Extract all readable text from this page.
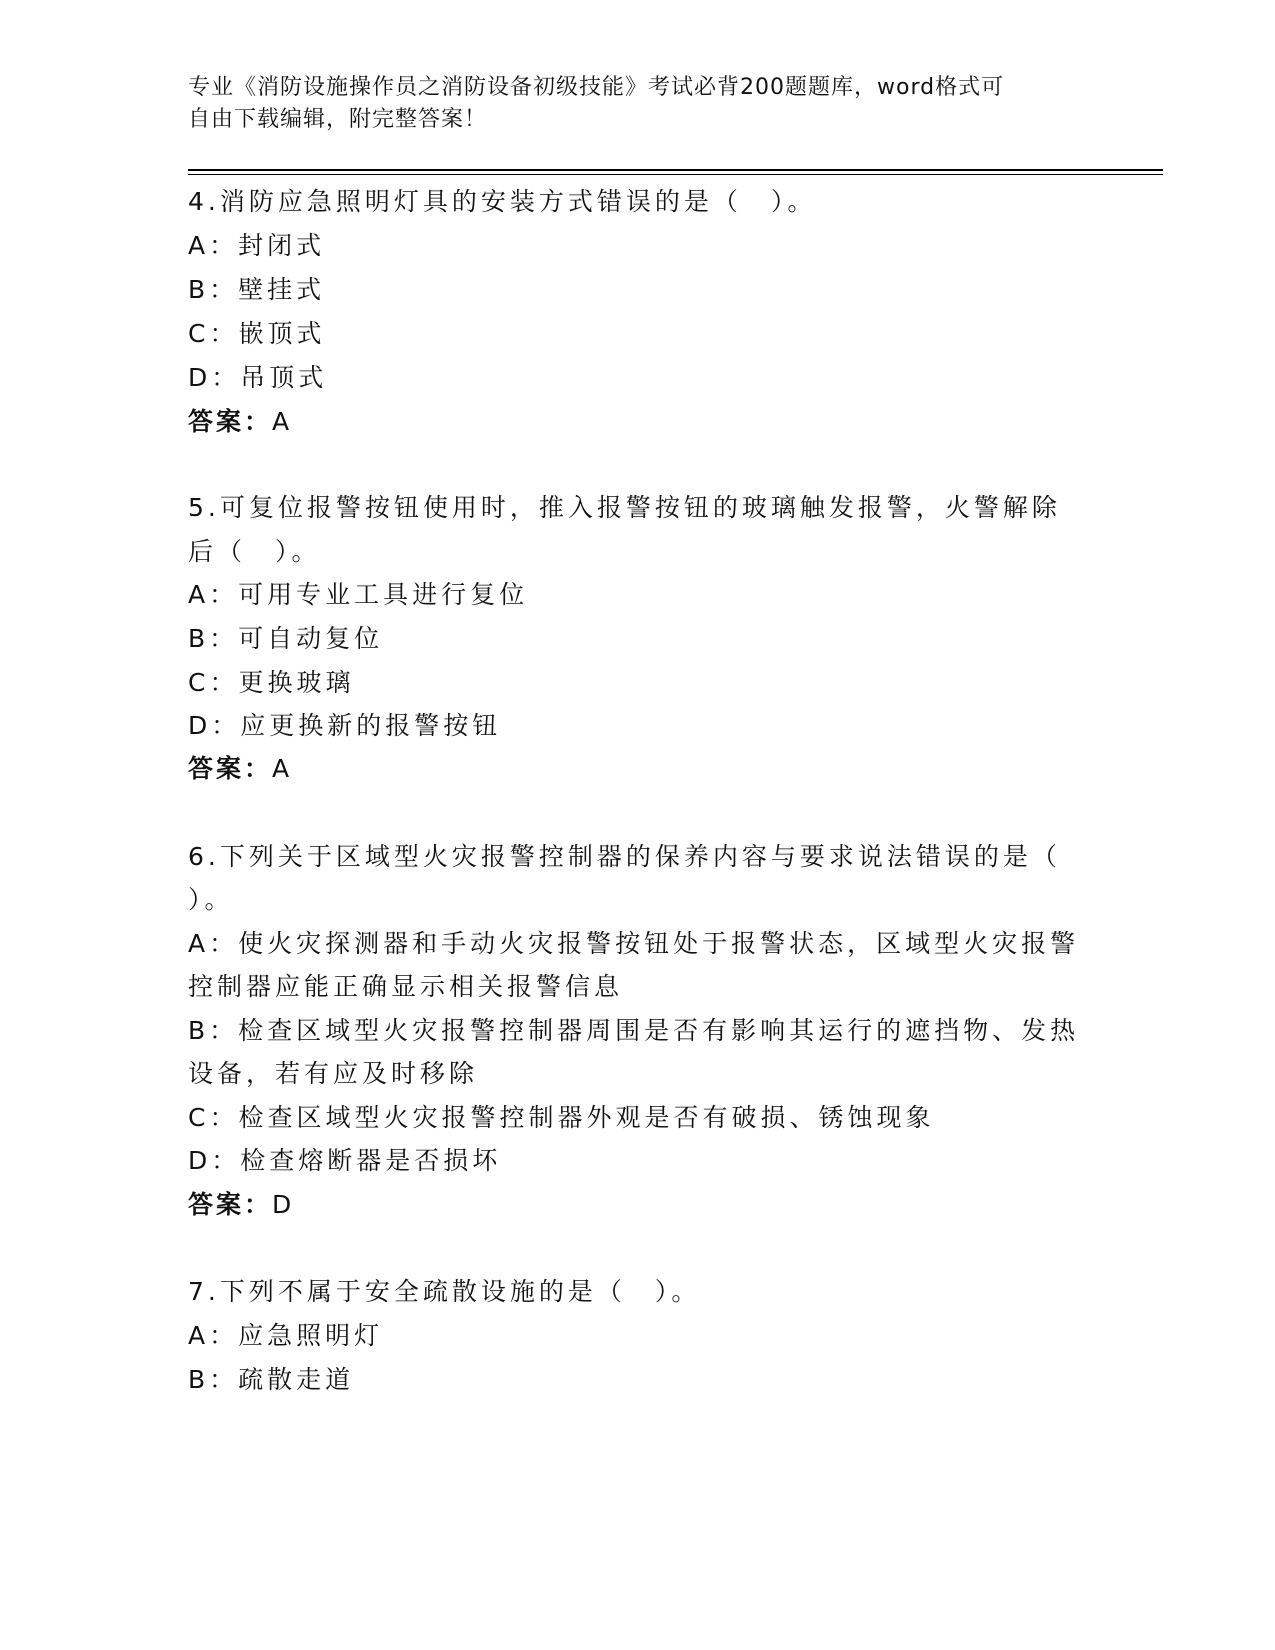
专业《消防设施操作员之消防设备初级技能》考试必背200题题库，word格式可
自由下载编辑，附完整答案！
4.消防应急照明灯具的安装方式错误的是（　）。
A：封闭式
B：壁挂式
C：嵌顶式
D：吊顶式
答案：A
5.可复位报警按钮使用时，推入报警按钮的玻璃触发报警，火警解除
后（　）。
A：可用专业工具进行复位
B：可自动复位
C：更换玻璃
D：应更换新的报警按钮
答案：A
6.下列关于区域型火灾报警控制器的保养内容与要求说法错误的是（
）。
A：使火灾探测器和手动火灾报警按钮处于报警状态，区域型火灾报警
控制器应能正确显示相关报警信息
B：检查区域型火灾报警控制器周围是否有影响其运行的遮挡物、发热
设备，若有应及时移除
C：检查区域型火灾报警控制器外观是否有破损、锈蚀现象
D：检查熔断器是否损坏
答案：D
7.下列不属于安全疏散设施的是（　）。
A：应急照明灯
B：疏散走道
